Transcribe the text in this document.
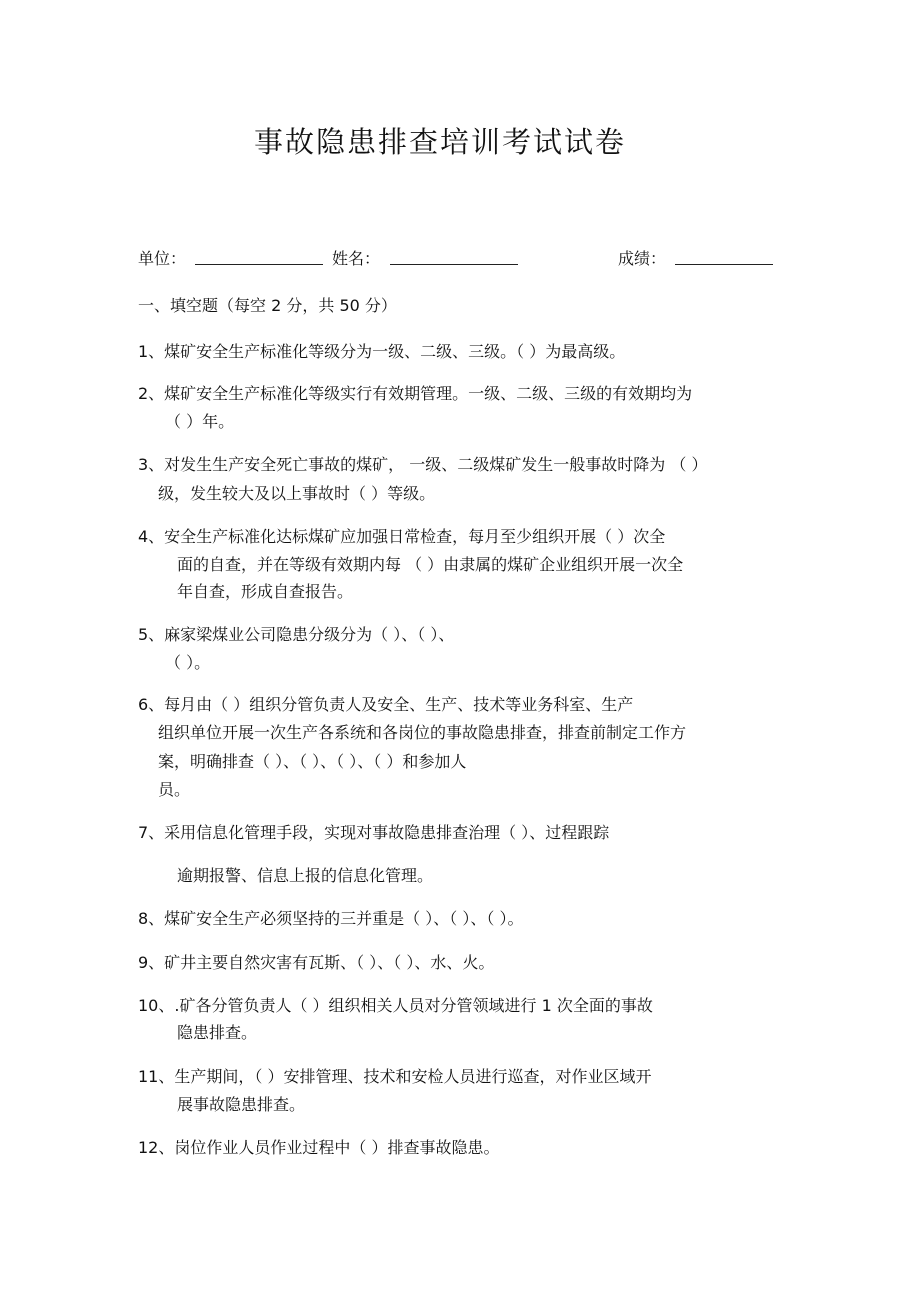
事故隐患排查培训考试试卷
单位：	姓名：	成绩：
一、填空题（每空 2 分，共 50 分）
1、煤矿安全生产标准化等级分为一级、二级、三级。（ ）为最高级。
2、煤矿安全生产标准化等级实行有效期管理。一级、二级、三级的有效期均为
（ ）年。
3、对发生生产安全死亡事故的煤矿， 一级、二级煤矿发生一般事故时降为 （ ）
级，发生较大及以上事故时（ ）等级。
4、安全生产标准化达标煤矿应加强日常检查，每月至少组织开展（ ）次全
面的自查，并在等级有效期内每 （ ）由隶属的煤矿企业组织开展一次全
年自查，形成自查报告。
5、麻家梁煤业公司隐患分级分为（ ）、（ ）、
（ ）。
6、每月由（ ）组织分管负责人及安全、生产、技术等业务科室、生产
组织单位开展一次生产各系统和各岗位的事故隐患排查，排查前制定工作方
案，明确排查（ ）、（ ）、（ ）、（ ）和参加人
员。
7、采用信息化管理手段，实现对事故隐患排查治理（ ）、过程跟踪
逾期报警、信息上报的信息化管理。
8、煤矿安全生产必须坚持的三并重是（ ）、（ ）、（ ）。
9、矿井主要自然灾害有瓦斯、（ ）、（ ）、水、火。
10、.矿各分管负责人（ ）组织相关人员对分管领域进行 1 次全面的事故
隐患排查。
11、生产期间，（ ）安排管理、技术和安检人员进行巡查，对作业区域开
展事故隐患排查。
12、岗位作业人员作业过程中（ ）排查事故隐患。
